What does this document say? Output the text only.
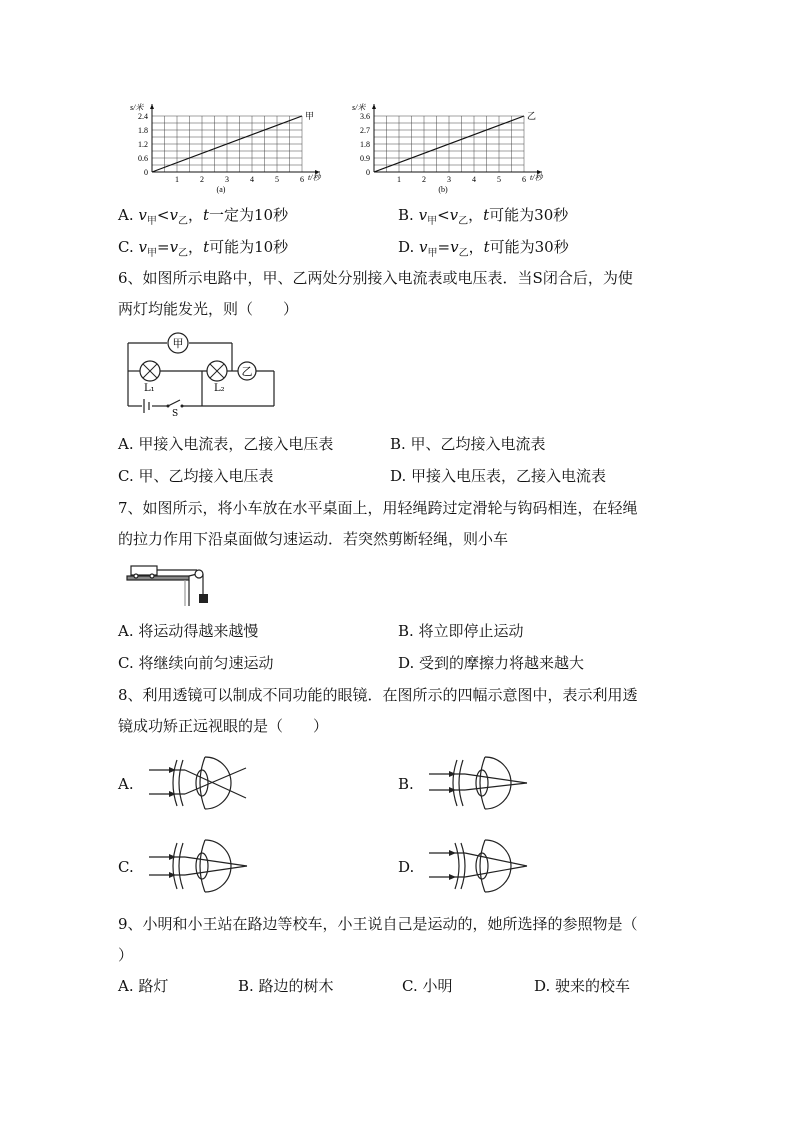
0
0.6
1.2
1.8
2.4
1	2	3	4	5	6
s/米
t/秒
甲
(a)
0
0.9
1.8
2.7
3.6
1	2	3	4	5	6
s/米
t/秒
乙
(b)
A. $v_甲<v_乙$，t一定为10秒	B. $v_甲<v_乙$，t可能为30秒
C. $v_甲=v_乙$，t可能为10秒	D. $v_甲=v_乙$，t可能为30秒
6、如图所示电路中，甲、乙两处分别接入电流表或电压表．当S闭合后，为使
两灯均能发光，则（　　）
甲
L₁	L₂
乙
S
A. 甲接入电流表，乙接入电压表	B. 甲、乙均接入电流表
C. 甲、乙均接入电压表	D. 甲接入电压表，乙接入电流表
7、如图所示，将小车放在水平桌面上，用轻绳跨过定滑轮与钩码相连，在轻绳
的拉力作用下沿桌面做匀速运动．若突然剪断轻绳，则小车
A. 将运动得越来越慢	B. 将立即停止运动
C. 将继续向前匀速运动	D. 受到的摩擦力将越来越大
8、利用透镜可以制成不同功能的眼镜．在图所示的四幅示意图中，表示利用透
镜成功矫正远视眼的是（　　）
A.	B.
C.	D.
9、小明和小王站在路边等校车，小王说自己是运动的，她所选择的参照物是（
）
A. 路灯	B. 路边的树木	C. 小明	D. 驶来的校车
